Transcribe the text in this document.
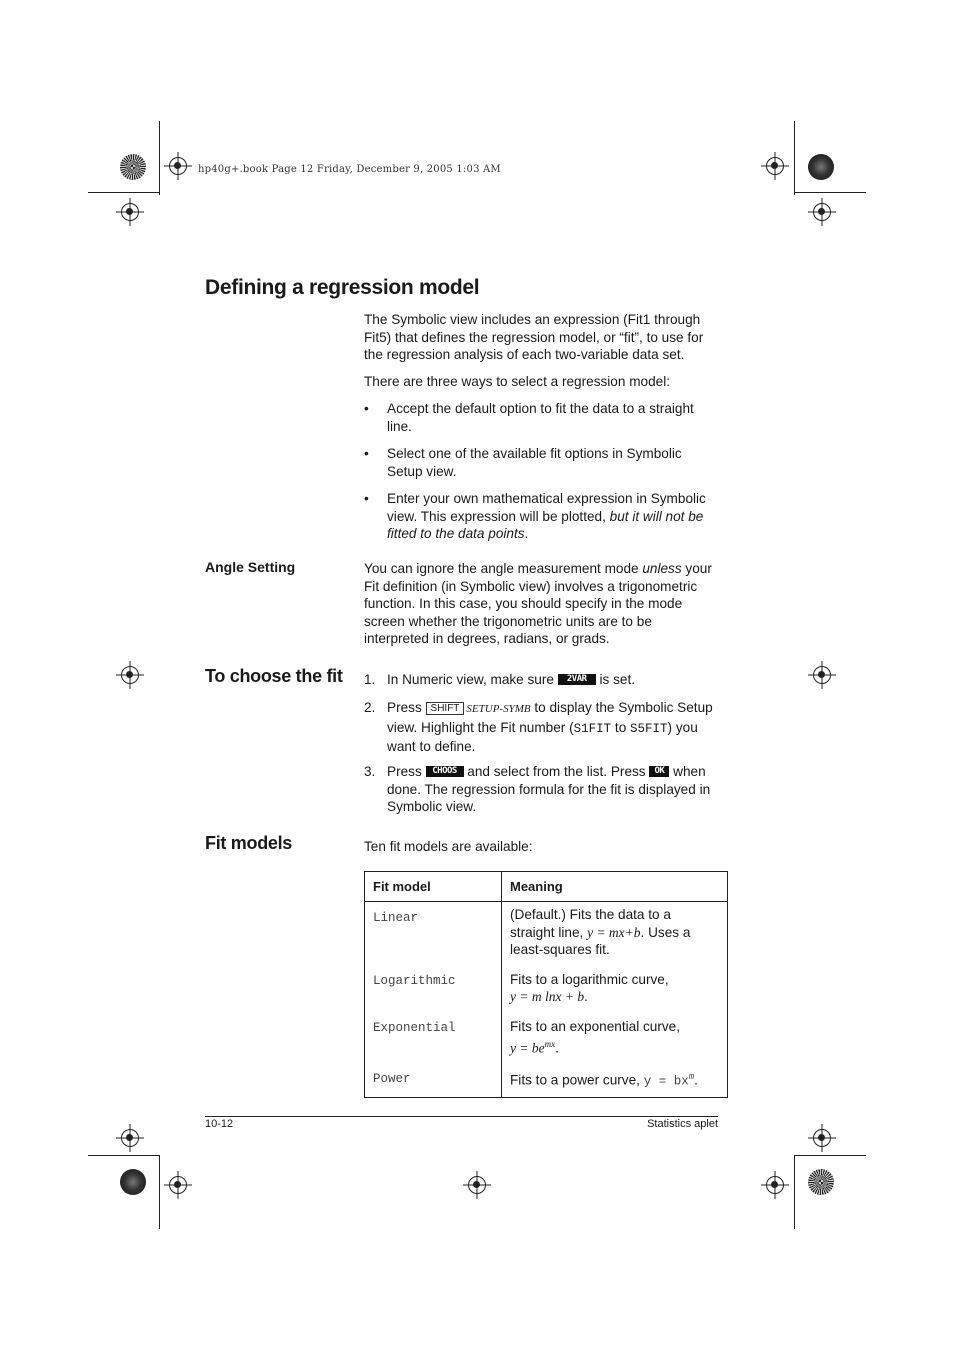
hp40g+.book Page 12 Friday, December 9, 2005 1:03 AM
Defining a regression model

The Symbolic view includes an expression (Fit1 through Fit5) that defines the regression model, or “fit”, to use for the regression analysis of each two-variable data set.

There are three ways to select a regression model:

• Accept the default option to fit the data to a straight line.
• Select one of the available fit options in Symbolic Setup view.
• Enter your own mathematical expression in Symbolic view. This expression will be plotted, but it will not be fitted to the data points.
Angle Setting	You can ignore the angle measurement mode unless your Fit definition (in Symbolic view) involves a trigonometric function. In this case, you should specify in the mode screen whether the trigonometric units are to be interpreted in degrees, radians, or grads.

To choose the fit 1. In Numeric view, make sure 2VAR is set.
2. Press SHIFT SETUP-SYMB to display the Symbolic Setup view. Highlight the Fit number (S1FIT to S5FIT) you want to define.
3. Press CHOOS and select from the list. Press OK when done. The regression formula for the fit is displayed in Symbolic view.
Fit models	Ten fit models are available:

Fit model	Meaning
Linear	(Default.) Fits the data to a straight line, y = mx+b. Uses a least-squares fit.
Logarithmic	Fits to a logarithmic curve,
y = m lnx + b.
Exponential	Fits to an exponential curve,
$y = be^{mx}$.
Power	Fits to a power curve, $y = bx^m$.
10-12	Statistics aplet
